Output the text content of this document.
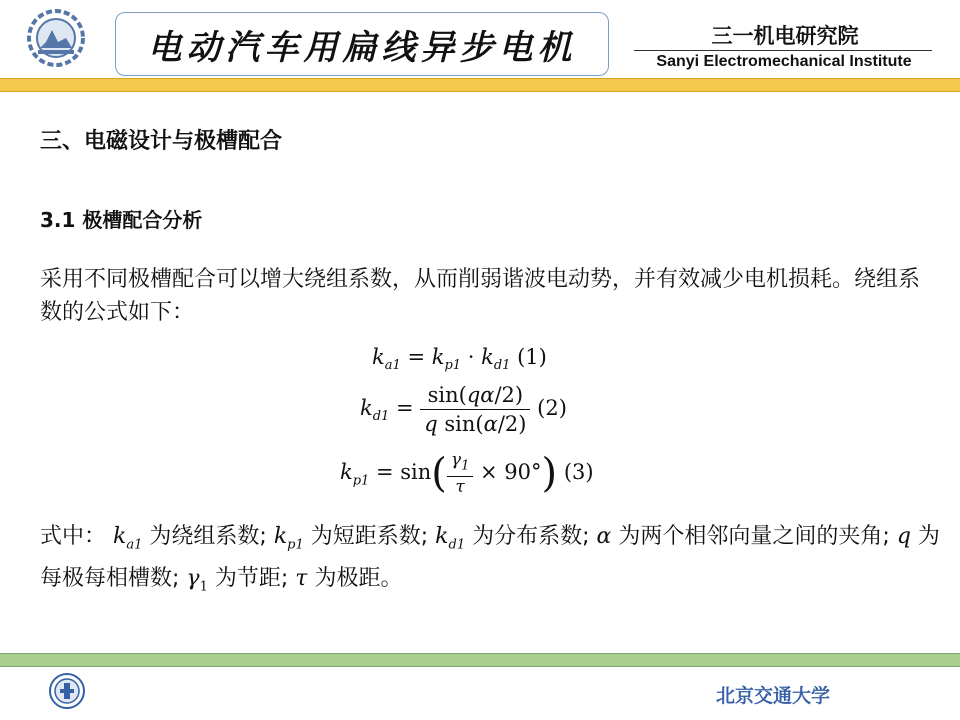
电动汽车用扁线异步电机	三一机电研究院
Sanyi Electromechanical Institute
三、电磁设计与极槽配合
3.1 极槽配合分析
采用不同极槽配合可以增大绕组系数，从而削弱谐波电动势，并有效减少电机损耗。绕组系数的公式如下：
$k_{a1} = k_{p1} \cdot k_{d1}$ (1)
$k_{d1} = \frac{\sin(q\alpha/2)}{\text{q sin(α/2)}} (2)$
$k_{p1} = \sin( \frac{\gamma_1}{\tau} \times 90^\circ)$ (3)
式中： $k_{a1}$ 为绕组系数; $k_{p1}$ 为短距系数; $k_{d1}$ 为分布系数; α 为两个相邻向量之间的夹角; q 为每极每相槽数; $\gamma_1$ 为节距; τ 为极距。
北京交通大学
